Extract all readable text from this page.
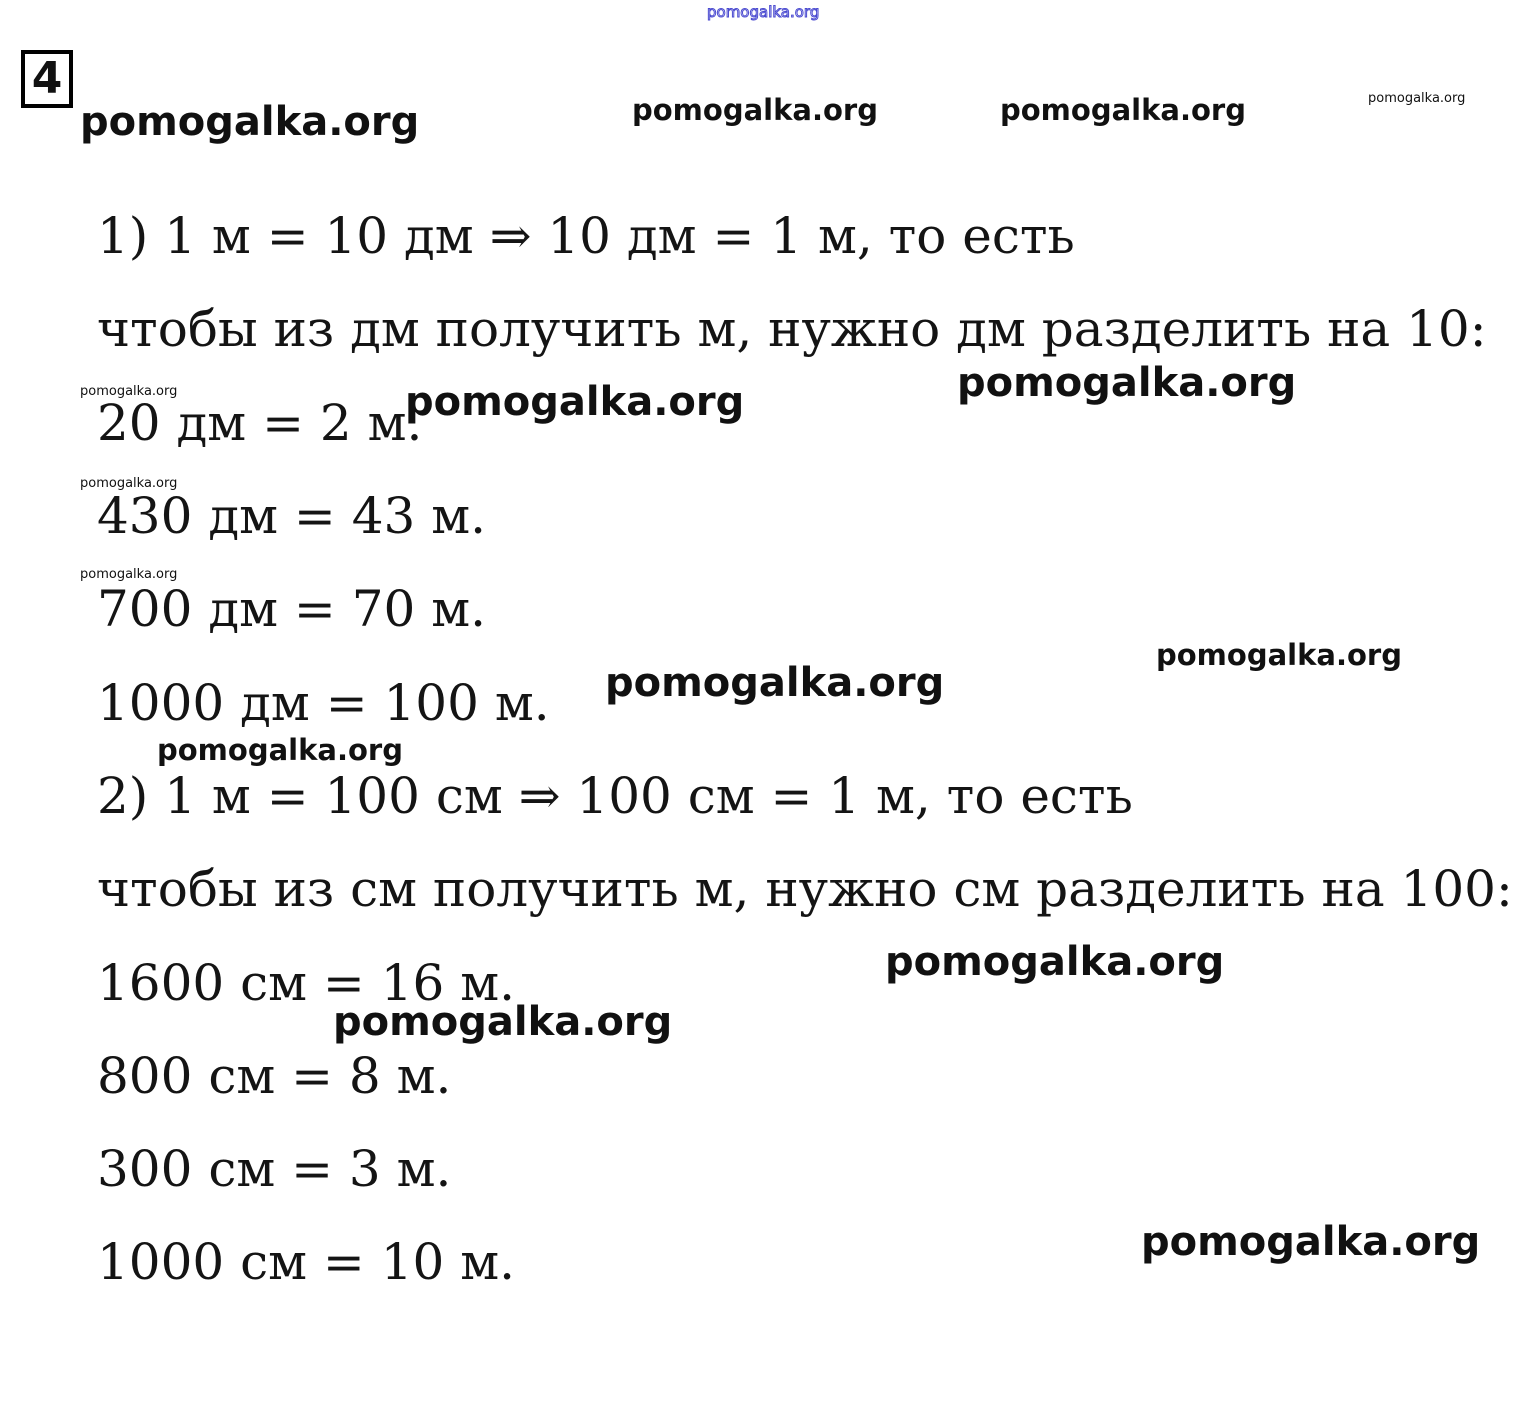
4

1) 1 м = 10 дм ⇒ 10 дм = 1 м, то есть

чтобы из дм получить м, нужно дм разделить на 10:

20 дм = 2 м.

430 дм = 43 м.

700 дм = 70 м.

1000 дм = 100 м.

2) 1 м = 100 см ⇒ 100 см = 1 м, то есть

чтобы из см получить м, нужно см разделить на 100:

1600 см = 16 м.

800 см = 8 м.

300 см = 3 м.

1000 см = 10 м.

pomogalka.org
pomogalka.org	pomogalka.org	pomogalka.org	pomogalka.org
pomogalka.org	pomogalka.org	pomogalka.org
pomogalka.org
pomogalka.org
pomogalka.org
pomogalka.org
pomogalka.org
pomogalka.org
pomogalka.org
pomogalka.org
